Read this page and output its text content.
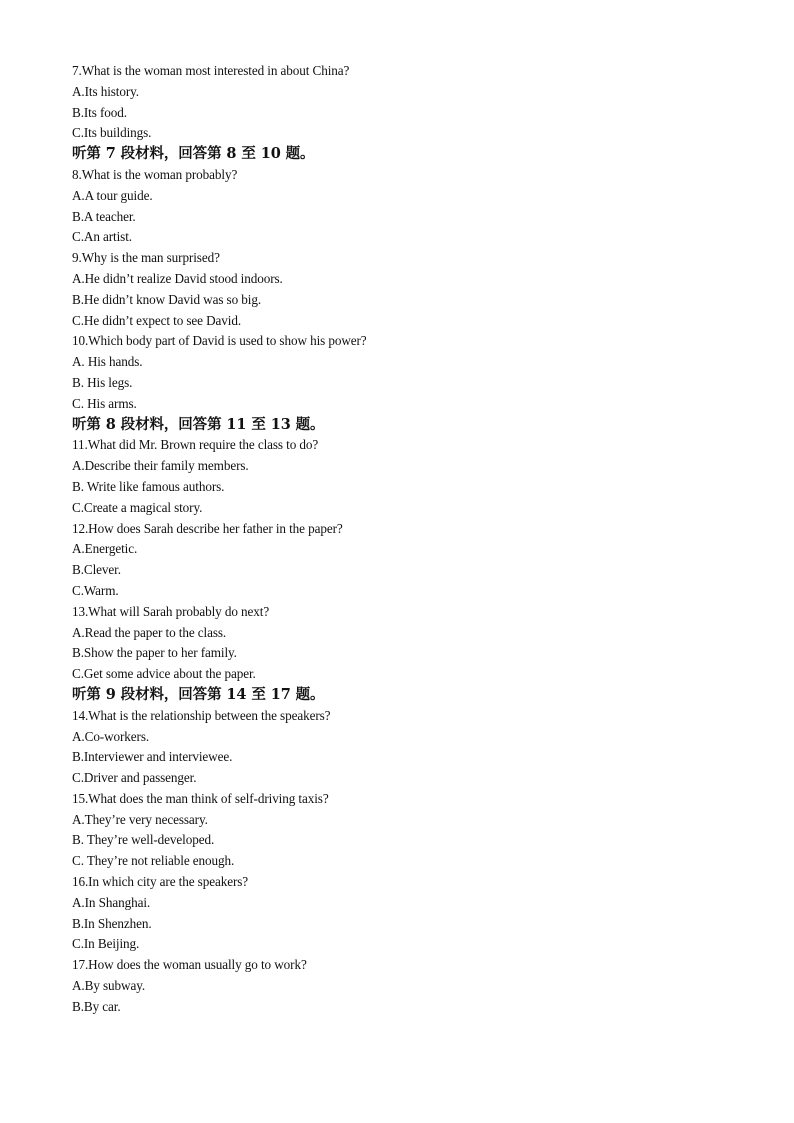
7.What is the woman most interested in about China?
A.Its history.
B.Its food.
C.Its buildings.
听第 7 段材料，回答第 8 至 10 题。
8.What is the woman probably?
A.A tour guide.
B.A teacher.
C.An artist.
9.Why is the man surprised?
A.He didn’t realize David stood indoors.
B.He didn’t know David was so big.
C.He didn’t expect to see David.
10.Which body part of David is used to show his power?
A. His hands.
B. His legs.
C. His arms.
听第 8 段材料，回答第 11 至 13 题。
11.What did Mr. Brown require the class to do?
A.Describe their family members.
B. Write like famous authors.
C.Create a magical story.
12.How does Sarah describe her father in the paper?
A.Energetic.
B.Clever.
C.Warm.
13.What will Sarah probably do next?
A.Read the paper to the class.
B.Show the paper to her family.
C.Get some advice about the paper.
听第 9 段材料，回答第 14 至 17 题。
14.What is the relationship between the speakers?
A.Co-workers.
B.Interviewer and interviewee.
C.Driver and passenger.
15.What does the man think of self-driving taxis?
A.They’re very necessary.
B. They’re well-developed.
C. They’re not reliable enough.
16.In which city are the speakers?
A.In Shanghai.
B.In Shenzhen.
C.In Beijing.
17.How does the woman usually go to work?
A.By subway.
B.By car.
